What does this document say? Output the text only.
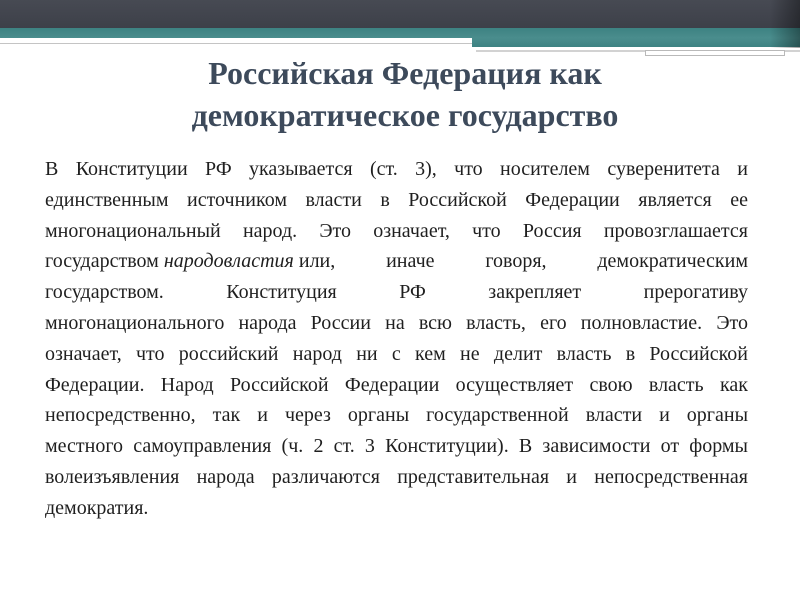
Российская Федерация как
демократическое государство
В Конституции РФ указывается (ст. 3), что носителем суверенитета и
единственным источником власти в Российской Федерации является ее
многонациональный народ. Это означает, что Россия провозглашается
государством народовластия или, иначе говоря, демократическим
государством. Конституция РФ закрепляет прерогативу
многонационального народа России на всю власть, его полновластие. Это
означает, что российский народ ни с кем не делит власть в Российской
Федерации. Народ Российской Федерации осуществляет свою власть как
непосредственно, так и через органы государственной власти и органы
местного самоуправления (ч. 2 ст. 3 Конституции). В зависимости от формы
волеизъявления народа различаются представительная и непосредственная
демократия.
